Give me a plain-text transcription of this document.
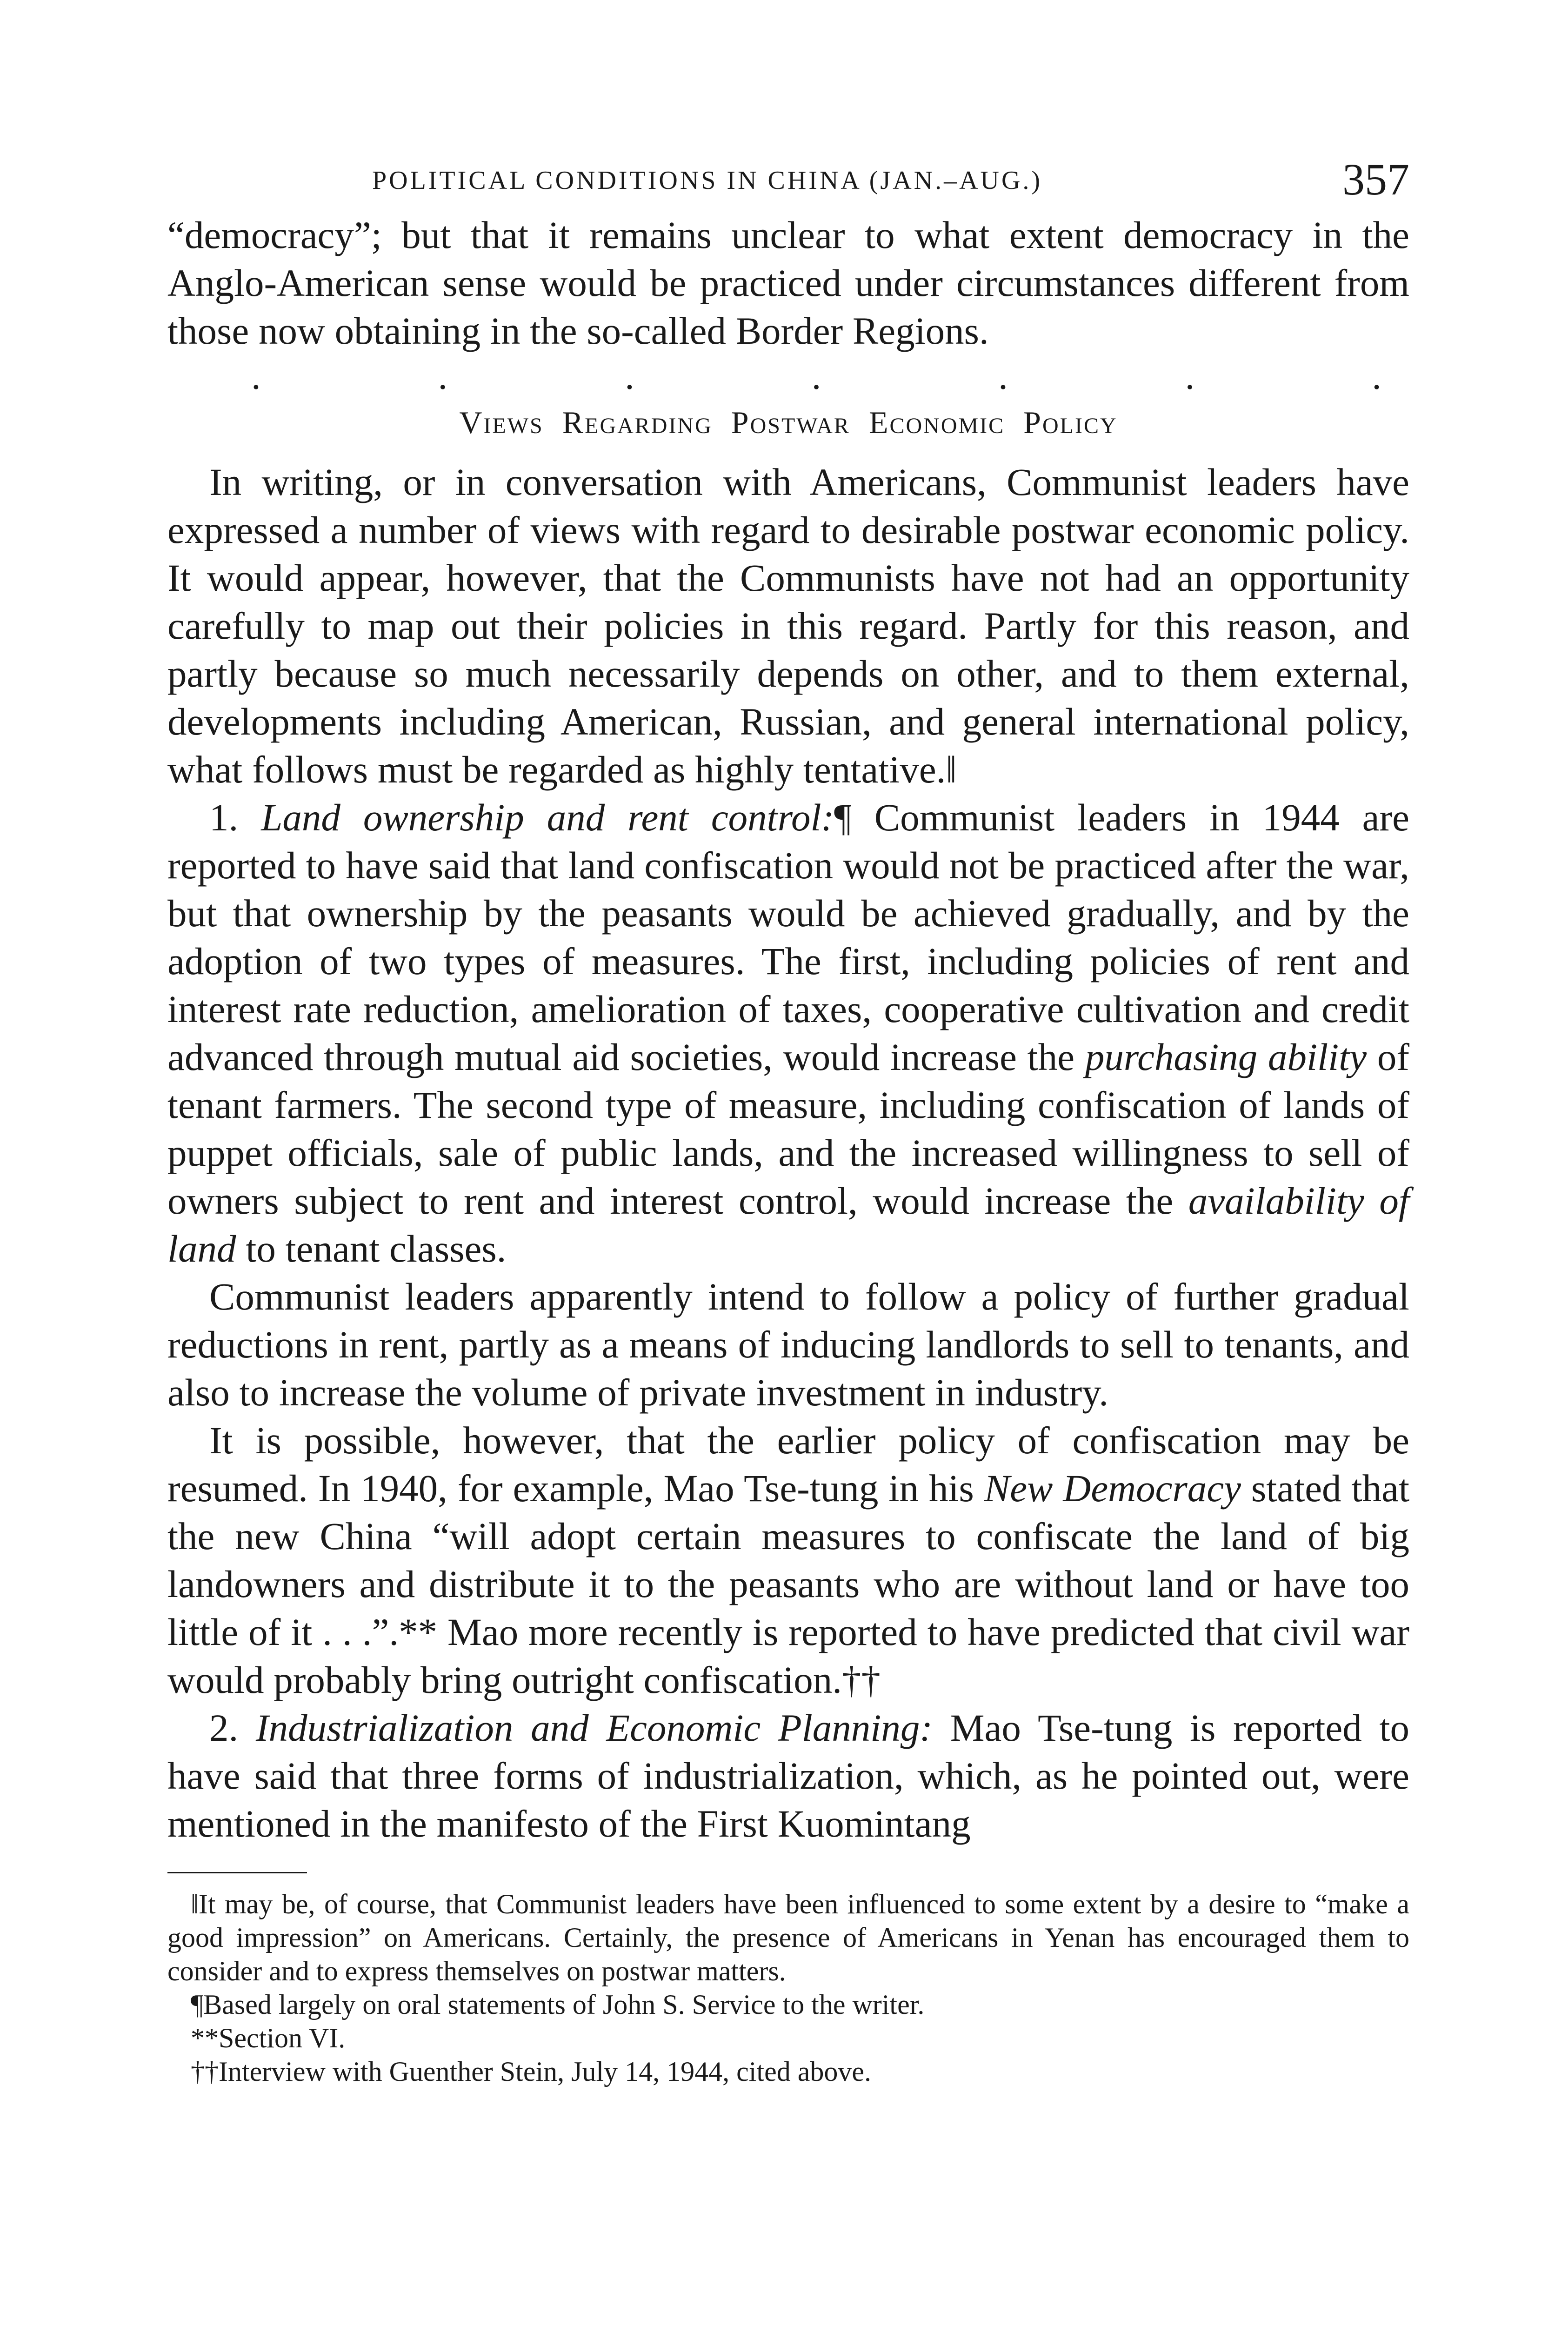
POLITICAL CONDITIONS IN CHINA (JAN.–AUG.)	357

“democracy”; but that it remains unclear to what extent democracy in the Anglo-American sense would be practiced under circumstances different from those now obtaining in the so-called Border Regions.

.	.	.	.	.	.	.
Views Regarding Postwar Economic Policy

In writing, or in conversation with Americans, Communist leaders have expressed a number of views with regard to desirable postwar economic policy. It would appear, however, that the Communists have not had an opportunity carefully to map out their policies in this regard. Partly for this reason, and partly because so much necessarily depends on other, and to them external, developments including American, Russian, and general international policy, what follows must be regarded as highly tentative.‖

1. Land ownership and rent control:¶ Communist leaders in 1944 are reported to have said that land confiscation would not be practiced after the war, but that ownership by the peasants would be achieved gradually, and by the adoption of two types of measures. The first, including policies of rent and interest rate reduction, amelioration of taxes, cooperative cultivation and credit advanced through mutual aid societies, would increase the purchasing ability of tenant farmers. The second type of measure, including confiscation of lands of puppet officials, sale of public lands, and the increased willingness to sell of owners subject to rent and interest control, would increase the availability of land to tenant classes.

Communist leaders apparently intend to follow a policy of further gradual reductions in rent, partly as a means of inducing landlords to sell to tenants, and also to increase the volume of private investment in industry.

It is possible, however, that the earlier policy of confiscation may be resumed. In 1940, for example, Mao Tse-tung in his New Democracy stated that the new China “will adopt certain measures to confiscate the land of big landowners and distribute it to the peasants who are without land or have too little of it . . .”.** Mao more recently is reported to have predicted that civil war would probably bring outright confiscation.††

2. Industrialization and Economic Planning: Mao Tse-tung is reported to have said that three forms of industrialization, which, as he pointed out, were mentioned in the manifesto of the First Kuomintang

‖It may be, of course, that Communist leaders have been influenced to some extent by a desire to “make a good impression” on Americans. Certainly, the presence of Americans in Yenan has encouraged them to consider and to express themselves on postwar matters.

¶Based largely on oral statements of John S. Service to the writer.

**Section VI.

††Interview with Guenther Stein, July 14, 1944, cited above.
